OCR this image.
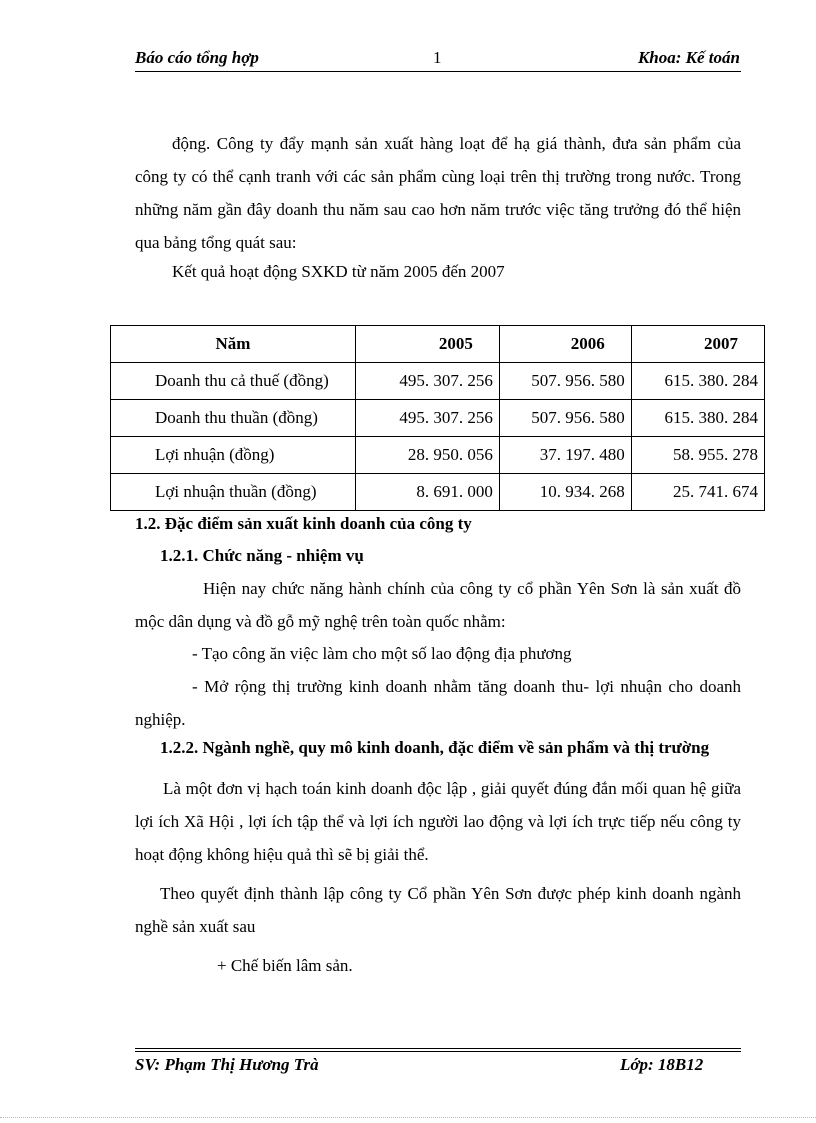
Báo cáo tổng hợp	1	Khoa: Kế toán
động. Công ty đẩy mạnh sản xuất hàng loạt để hạ giá thành, đưa sản phẩm của công ty có thể cạnh tranh với các sản phẩm cùng loại trên thị trường trong nước. Trong những năm gần đây doanh thu năm sau cao hơn năm trước việc tăng trưởng đó thể hiện qua bảng tổng quát sau:
Kết quả hoạt động SXKD từ năm 2005 đến 2007
Năm	2005	2006	2007
Doanh thu cả thuế (đồng)	495. 307. 256	507. 956. 580	615. 380. 284
Doanh thu thuần (đồng)	495. 307. 256	507. 956. 580	615. 380. 284
Lợi nhuận (đồng)	28. 950. 056	37. 197. 480	58. 955. 278
Lợi nhuận thuần (đồng)	8. 691. 000	10. 934. 268	25. 741. 674
1.2. Đặc điểm sản xuất kinh doanh của công ty
1.2.1. Chức năng - nhiệm vụ
Hiện nay chức năng hành chính của công ty cổ phần Yên Sơn là sản xuất đồ mộc dân dụng và đồ gỗ mỹ nghệ trên toàn quốc nhằm:
- Tạo công ăn việc làm cho một số lao động địa phương
- Mở rộng thị trường kinh doanh nhằm tăng doanh thu- lợi nhuận cho doanh nghiệp.
1.2.2. Ngành nghề, quy mô kinh doanh, đặc điểm về sản phẩm và thị trường
Là một đơn vị hạch toán kinh doanh độc lập , giải quyết đúng đắn mối quan hệ giữa lợi ích Xã Hội , lợi ích tập thể và lợi ích người lao động và lợi ích trực tiếp nếu công ty hoạt động không hiệu quả thì sẽ bị giải thể.
Theo quyết định thành lập công ty Cổ phần Yên Sơn được phép kinh doanh ngành nghề sản xuất sau
+ Chế biến lâm sản.
SV: Phạm Thị Hương Trà	Lớp: 18B12
